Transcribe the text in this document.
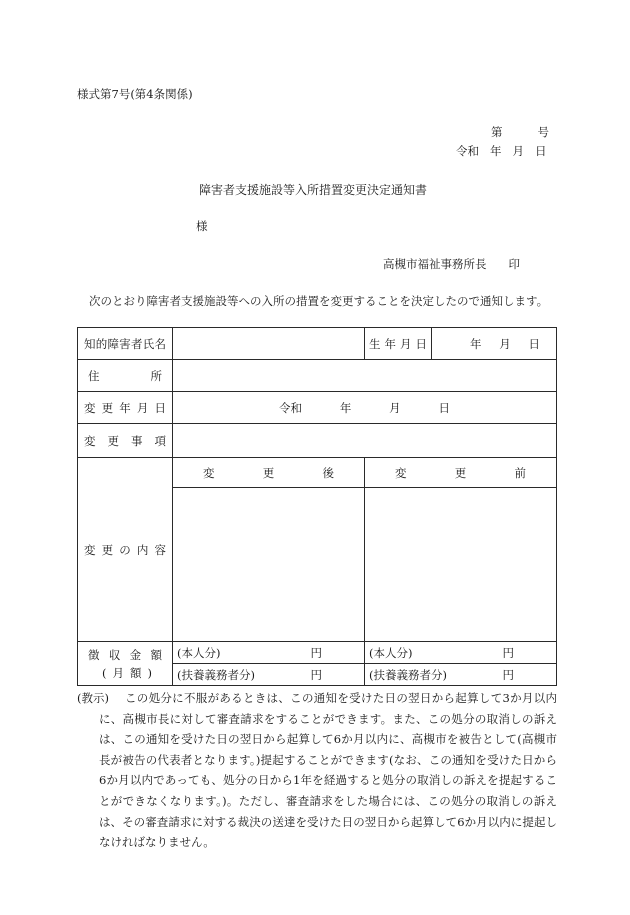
様式第7号(第4条関係)
第	号
令和 年 月 日
障害者支援施設等入所措置変更決定通知書
様
高槻市福祉事務所長 印
次のとおり障害者支援施設等への入所の措置を変更することを決定したので通知します。
知的障害者氏名		生年月日	年 月 日

住所			

変更年月日	令和 年 月 日		

変更事項			

変更の内容	変更後	変更前	

徴収金額
(月額)	(本人分) 円	(本人分) 円	

	(扶養義務者分) 円	(扶養義務者分) 円	
(教示)	この処分に不服があるときは、この通知を受けた日の翌日から起算して3か月以内に、高槻市長に対して審査請求をすることができます。また、この処分の取消しの訴えは、この通知を受けた日の翌日から起算して6か月以内に、高槻市を被告として(高槻市長が被告の代表者となります。)提起することができます(なお、この通知を受けた日から6か月以内であっても、処分の日から1年を経過すると処分の取消しの訴えを提起することができなくなります。)。ただし、審査請求をした場合には、この処分の取消しの訴えは、その審査請求に対する裁決の送達を受けた日の翌日から起算して6か月以内に提起しなければなりません。
